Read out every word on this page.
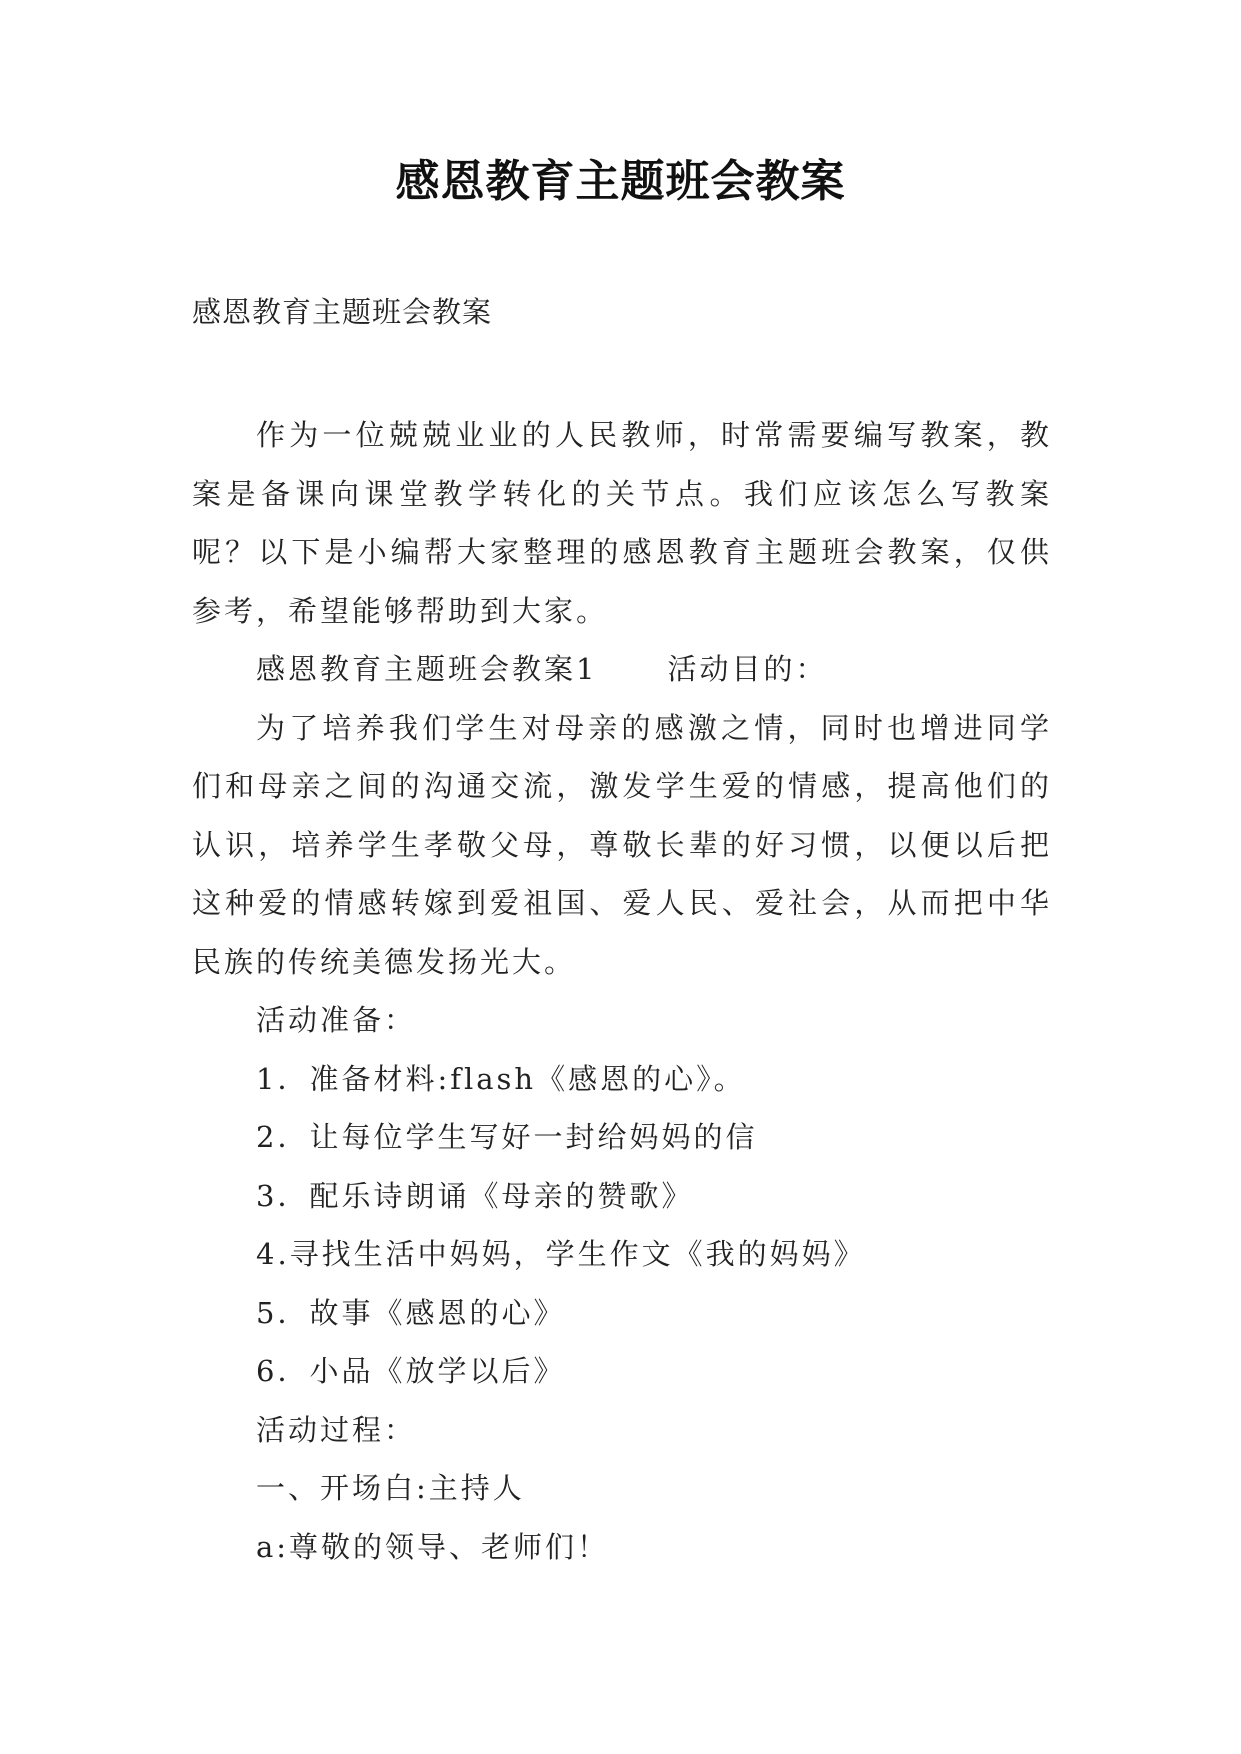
感恩教育主题班会教案
感恩教育主题班会教案

作为一位兢兢业业的人民教师，时常需要编写教案，教案是备课向课堂教学转化的关节点。我们应该怎么写教案呢？以下是小编帮大家整理的感恩教育主题班会教案，仅供参考，希望能够帮助到大家。

感恩教育主题班会教案1 活动目的：

为了培养我们学生对母亲的感激之情，同时也增进同学们和母亲之间的沟通交流，激发学生爱的情感，提高他们的认识，培养学生孝敬父母，尊敬长辈的好习惯，以便以后把这种爱的情感转嫁到爱祖国、爱人民、爱社会，从而把中华民族的传统美德发扬光大。

活动准备：

1．准备材料:flash《感恩的心》。

2．让每位学生写好一封给妈妈的信

3．配乐诗朗诵《母亲的赞歌》

4.寻找生活中妈妈，学生作文《我的妈妈》

5．故事《感恩的心》

6．小品《放学以后》

活动过程：

一、开场白:主持人

a:尊敬的领导、老师们！
